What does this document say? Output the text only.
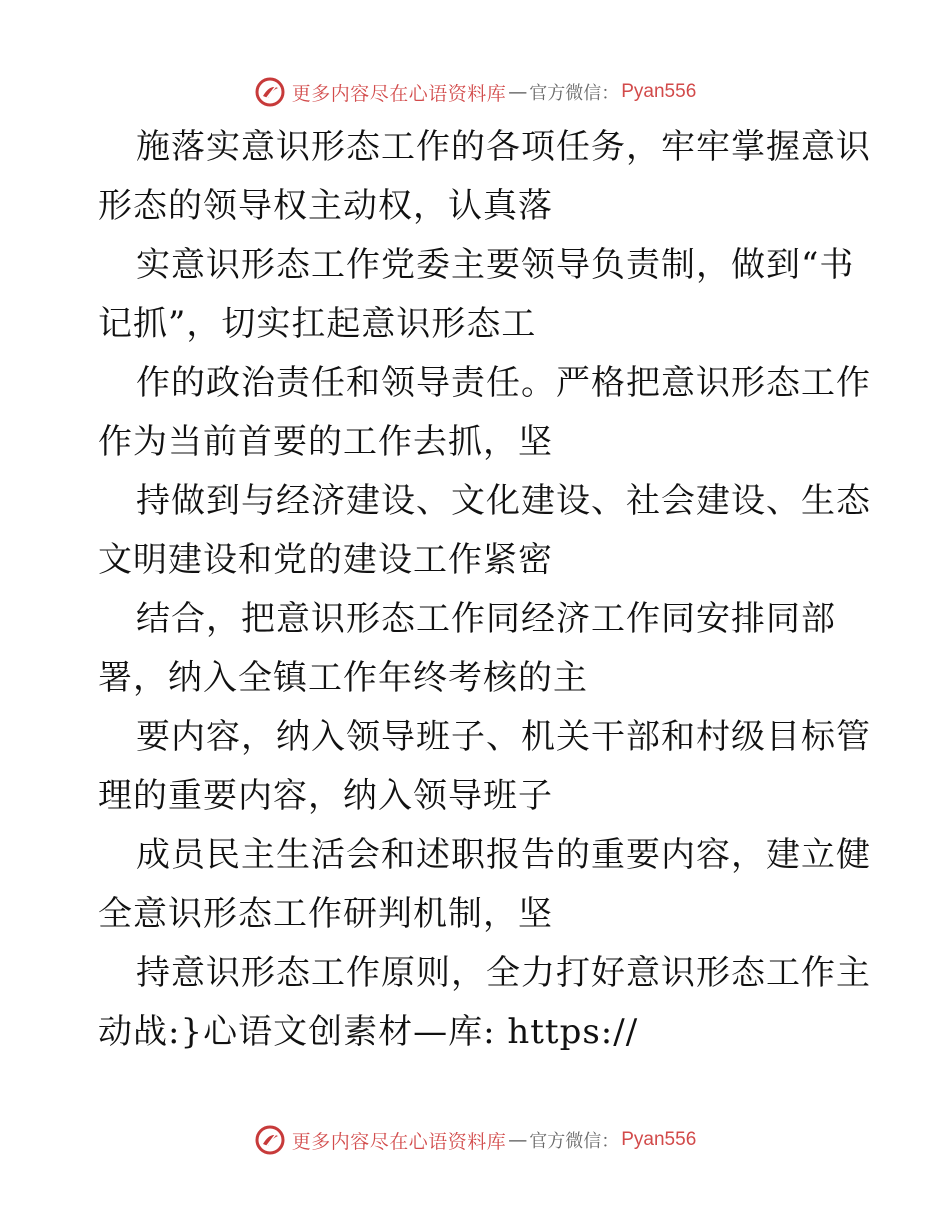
更多内容尽在心语资料库 — 官方微信： Pyan556
施落实意识形态工作的各项任务，牢牢掌握意识
形态的领导权主动权，认真落
实意识形态工作党委主要领导负责制，做到“书
记抓”，切实扛起意识形态工
作的政治责任和领导责任。严格把意识形态工作
作为当前首要的工作去抓，坚
持做到与经济建设、文化建设、社会建设、生态
文明建设和党的建设工作紧密
结合，把意识形态工作同经济工作同安排同部
署，纳入全镇工作年终考核的主
要内容，纳入领导班子、机关干部和村级目标管
理的重要内容，纳入领导班子
成员民主生活会和述职报告的重要内容，建立健
全意识形态工作研判机制，坚
持意识形态工作原则，全力打好意识形态工作主
动战:}心语文创素材—库: https://
更多内容尽在心语资料库 — 官方微信： Pyan556
